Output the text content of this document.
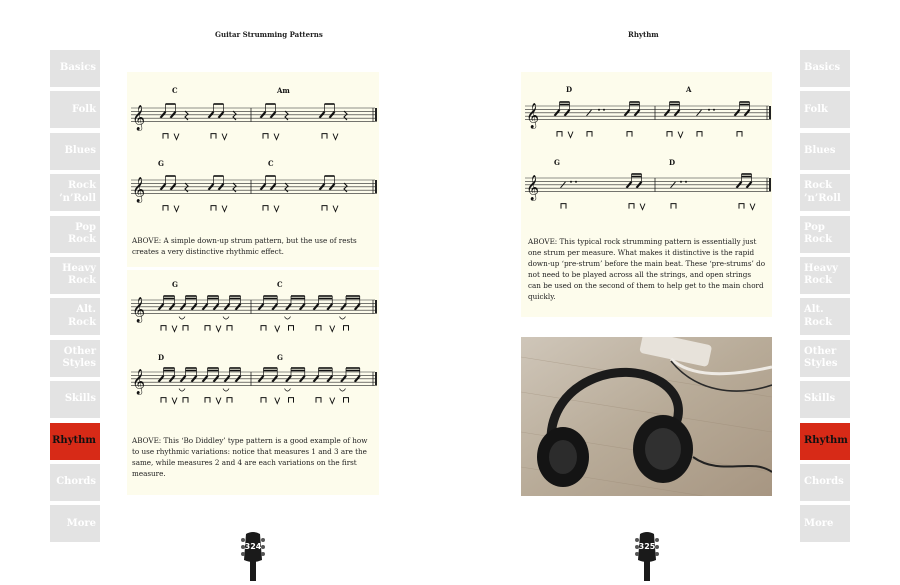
Guitar Strumming Patterns	Rhythm
Basics
Folk
Blues
Rock ’n’Roll
Pop Rock
Heavy Rock
Alt. Rock
Other Styles
Skills
Rhythm
Chords
More
Basics
Folk
Blues
Rock ’n’Roll
Pop Rock
Heavy Rock
Alt. Rock
Other Styles
Skills
Rhythm
Chords
More
C	Am
𝄞
G	C
𝄞
ABOVE: A simple down-up strum pattern, but the use of rests creates a very distinctive rhythmic effect.
G	C
𝄞
D	G
𝄞
ABOVE: This ‘Bo Diddley’ type pattern is a good example of how to use rhythmic variations: notice that measures 1 and 3 are the same, while measures 2 and 4 are each variations on the first measure.
D	A
𝄞
G	D
𝄞
ABOVE: This typical rock strumming pattern is essentially just one strum per measure. What makes it distinctive is the rapid down-up ‘pre-strum’ before the main beat. These ‘pre-strums’ do not need to be played across all the strings, and open strings can be used on the second of them to help get to the main chord quickly.
324	325
